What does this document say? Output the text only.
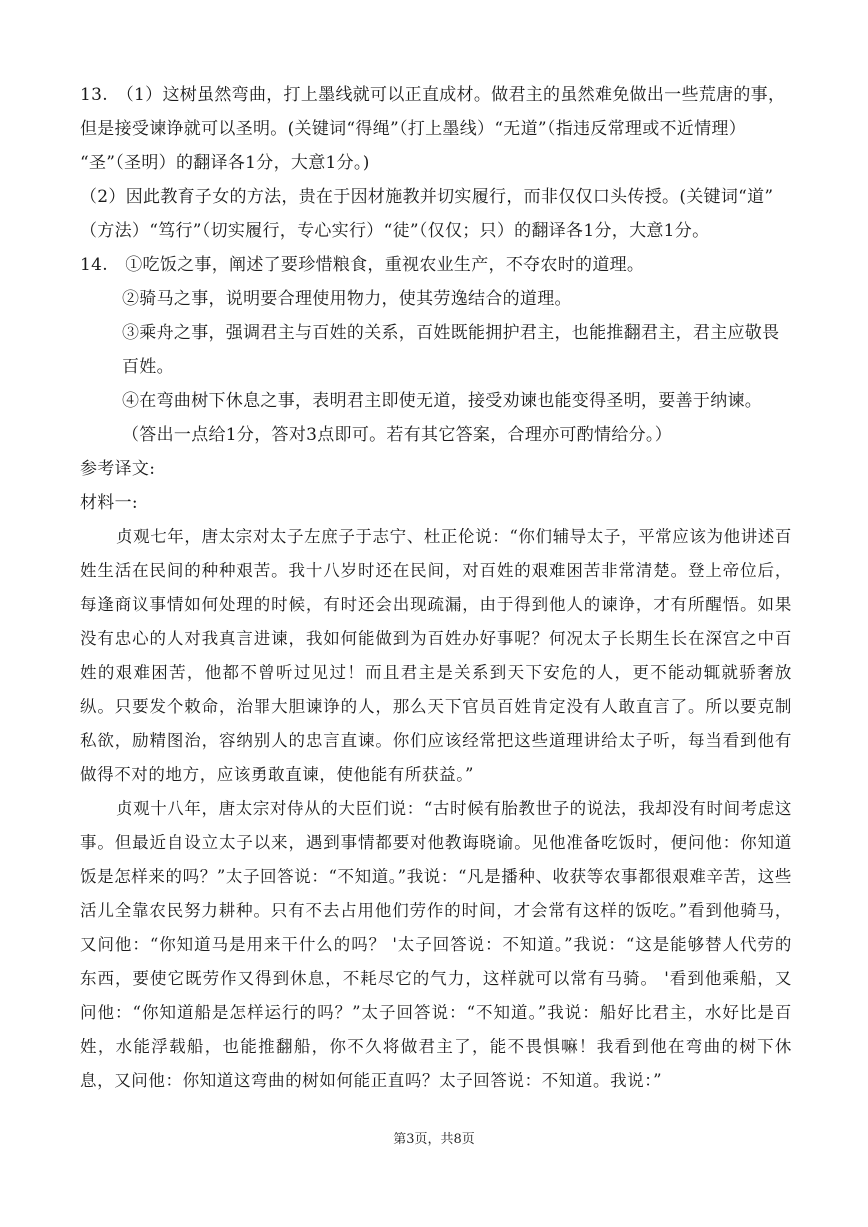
13.　（1）这树虽然弯曲，打上墨线就可以正直成材。做君主的虽然难免做出一些荒唐的事，
但是接受谏诤就可以圣明。(关键词“得绳”（打上墨线）“无道”（指违反常理或不近情理）
“圣”（圣明）的翻译各1分，大意1分。)
（2）因此教育子女的方法，贵在于因材施教并切实履行，而非仅仅口头传授。(关键词“道”
（方法）“笃行”（切实履行，专心实行）“徒”（仅仅；只）的翻译各1分，大意1分。
14.　①吃饭之事，阐述了要珍惜粮食，重视农业生产，不夺农时的道理。
②骑马之事，说明要合理使用物力，使其劳逸结合的道理。
③乘舟之事，强调君主与百姓的关系，百姓既能拥护君主，也能推翻君主，君主应敬畏
百姓。
④在弯曲树下休息之事，表明君主即使无道，接受劝谏也能变得圣明，要善于纳谏。
（答出一点给1分，答对3点即可。若有其它答案，合理亦可酌情给分。）
参考译文:
材料一:

贞观七年，唐太宗对太子左庶子于志宁、杜正伦说：“你们辅导太子，平常应该为他讲述百姓生活在民间的种种艰苦。我十八岁时还在民间，对百姓的艰难困苦非常清楚。登上帝位后，每逢商议事情如何处理的时候，有时还会出现疏漏，由于得到他人的谏诤，才有所醒悟。如果没有忠心的人对我真言进谏，我如何能做到为百姓办好事呢？何况太子长期生长在深宫之中百姓的艰难困苦，他都不曾听过见过！而且君主是关系到天下安危的人，更不能动辄就骄奢放纵。只要发个敕命，治罪大胆谏诤的人，那么天下官员百姓肯定没有人敢直言了。所以要克制私欲，励精图治，容纳别人的忠言直谏。你们应该经常把这些道理讲给太子听，每当看到他有做得不对的地方，应该勇敢直谏，使他能有所获益。”

贞观十八年，唐太宗对侍从的大臣们说：“古时候有胎教世子的说法，我却没有时间考虑这事。但最近自设立太子以来，遇到事情都要对他教诲晓谕。见他准备吃饭时，便问他：你知道饭是怎样来的吗？”太子回答说：“不知道。”我说：“凡是播种、收获等农事都很艰难辛苦，这些活儿全靠农民努力耕种。只有不去占用他们劳作的时间，才会常有这样的饭吃。”看到他骑马，又问他：“你知道马是用来干什么的吗？ '太子回答说：不知道。”我说：“这是能够替人代劳的东西，要使它既劳作又得到休息，不耗尽它的气力，这样就可以常有马骑。 '看到他乘船，又问他：“你知道船是怎样运行的吗？”太子回答说：“不知道。”我说：船好比君主，水好比是百姓，水能浮载船，也能推翻船，你不久将做君主了，能不畏惧嘛！我看到他在弯曲的树下休息，又问他：你知道这弯曲的树如何能正直吗？太子回答说：不知道。我说：”

第3页，共8页
